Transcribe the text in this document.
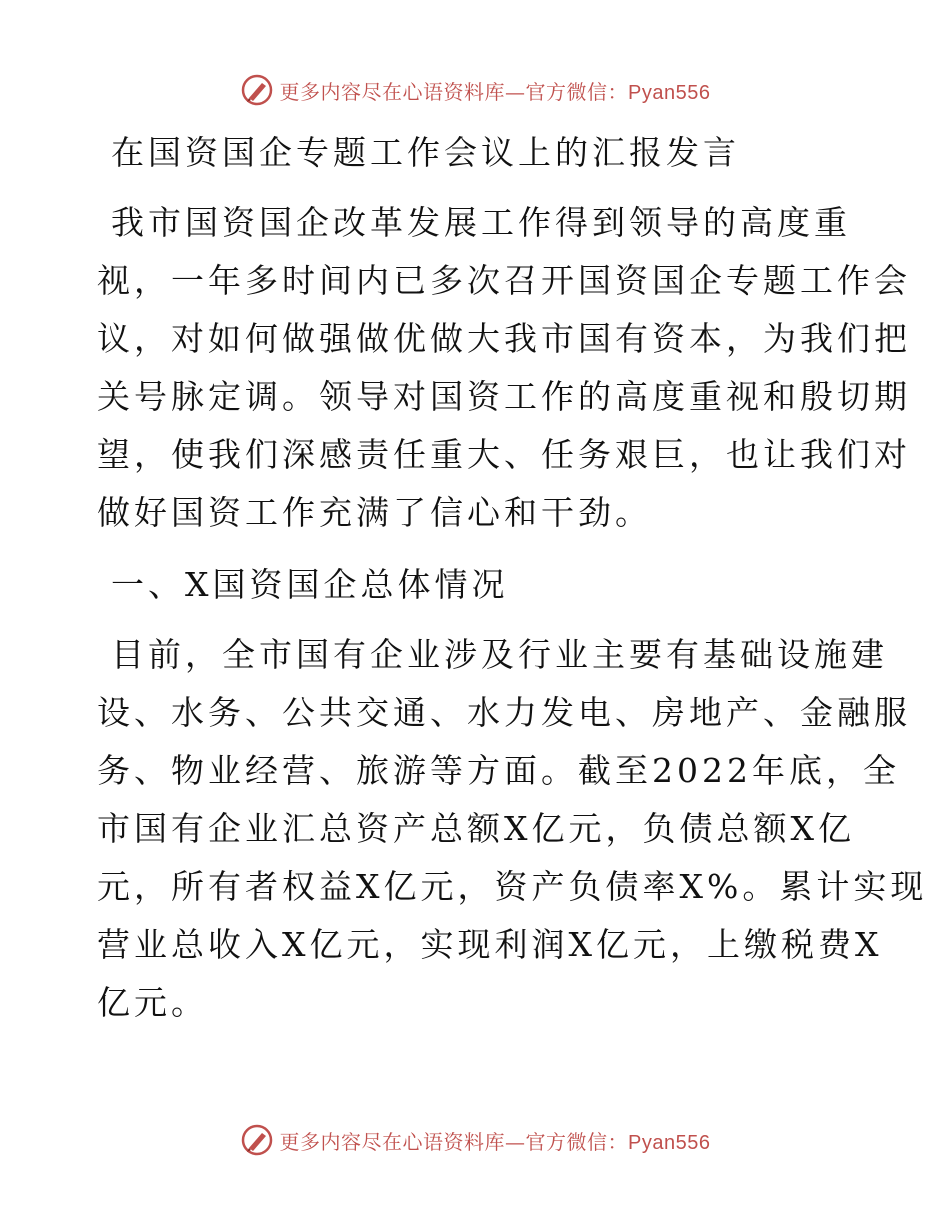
更多内容尽在心语资料库—官方微信：Pyan556
在国资国企专题工作会议上的汇报发言
我市国资国企改革发展工作得到领导的高度重
视，一年多时间内已多次召开国资国企专题工作会
议，对如何做强做优做大我市国有资本，为我们把
关号脉定调。领导对国资工作的高度重视和殷切期
望，使我们深感责任重大、任务艰巨，也让我们对
做好国资工作充满了信心和干劲。
一、X国资国企总体情况
目前，全市国有企业涉及行业主要有基础设施建
设、水务、公共交通、水力发电、房地产、金融服
务、物业经营、旅游等方面。截至2022年底，全
市国有企业汇总资产总额X亿元，负债总额X亿
元，所有者权益X亿元，资产负债率X%。累计实现
营业总收入X亿元，实现利润X亿元，上缴税费X
亿元。
更多内容尽在心语资料库—官方微信：Pyan556
